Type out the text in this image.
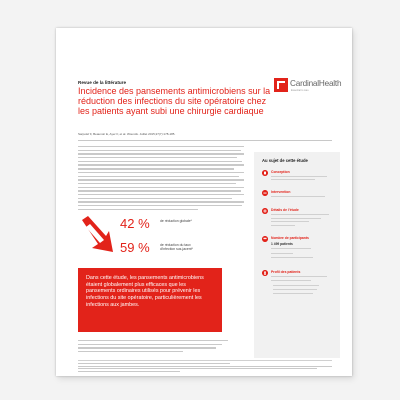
Revue de la littérature	CardinalHealth
Essential to care
Incidence des pansements antimicrobiens sur la réduction des infections du site opératoire chez les patients ayant subi une chirurgie cardiaque
Sarpolef F, Beaunoir E, Ayer F, et al. Wounds. Juillet 2015;27(7):178-185.
42 %	de réduction globale*
59 %	de réduction du taux d'infection sus-jacent*

Dans cette étude, les pansements antimicrobiens étaient globalement plus efficaces que les pansements ordinaires utilisés pour prévenir les infections du site opératoire, particulièrement les infections aux jambes.

Au sujet de cette étude
Conception
Intervention
Détails de l'étude
Nombre de participants
1 499 patients
Profil des patients
